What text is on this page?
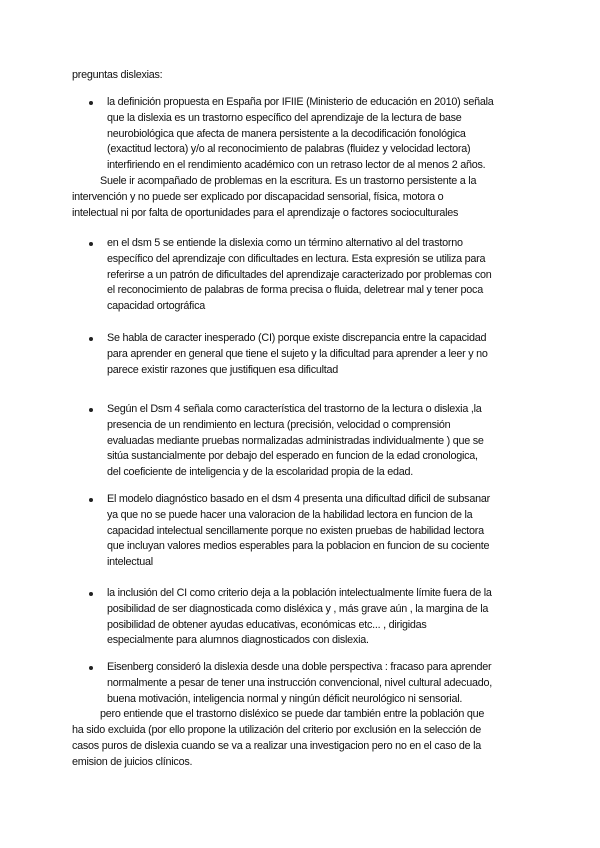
preguntas dislexias:
la definición propuesta en España por IFIIE (Ministerio de educación en 2010) señala
que la dislexia es un trastorno específico del aprendizaje de la lectura de base
neurobiológica que afecta de manera persistente a la decodificación fonológica
(exactitud lectora) y/o al reconocimiento de palabras (fluidez y velocidad lectora)
interfiriendo en el rendimiento académico con un retraso lector de al menos 2 años.
Suele ir acompañado de problemas en la escritura. Es un trastorno persistente a la
intervención y no puede ser explicado por discapacidad sensorial, física, motora o
intelectual ni por falta de oportunidades para el aprendizaje o factores socioculturales
en el dsm 5 se entiende la dislexia como un término alternativo al del trastorno
específico del aprendizaje con dificultades en lectura. Esta expresión se utiliza para
referirse a un patrón de dificultades del aprendizaje caracterizado por problemas con
el reconocimiento de palabras de forma precisa o fluida, deletrear mal y tener poca
capacidad ortográfica
Se habla de caracter inesperado (CI) porque existe discrepancia entre la capacidad
para aprender en general que tiene el sujeto y la dificultad para aprender a leer y no
parece existir razones que justifiquen esa dificultad
Según el Dsm 4 señala como característica del trastorno de la lectura o dislexia ,la
presencia de un rendimiento en lectura (precisión, velocidad o comprensión
evaluadas mediante pruebas normalizadas administradas individualmente ) que se
sitúa sustancialmente por debajo del esperado en funcion de la edad cronologica,
del coeficiente de inteligencia y de la escolaridad propia de la edad.
El modelo diagnóstico basado en el dsm 4 presenta una dificultad dificil de subsanar
ya que no se puede hacer una valoracion de la habilidad lectora en funcion de la
capacidad intelectual sencillamente porque no existen pruebas de habilidad lectora
que incluyan valores medios esperables para la poblacion en funcion de su cociente
intelectual
la inclusión del CI como criterio deja a la población intelectualmente límite fuera de la
posibilidad de ser diagnosticada como disléxica y , más grave aún , la margina de la
posibilidad de obtener ayudas educativas, económicas etc... , dirigidas
especialmente para alumnos diagnosticados con dislexia.
Eisenberg consideró la dislexia desde una doble perspectiva : fracaso para aprender
normalmente a pesar de tener una instrucción convencional, nivel cultural adecuado,
buena motivación, inteligencia normal y ningún déficit neurológico ni sensorial.
pero entiende que el trastorno disléxico se puede dar también entre la población que
ha sido excluida (por ello propone la utilización del criterio por exclusión en la selección de
casos puros de dislexia cuando se va a realizar una investigacion pero no en el caso de la
emision de juicios clínicos.
